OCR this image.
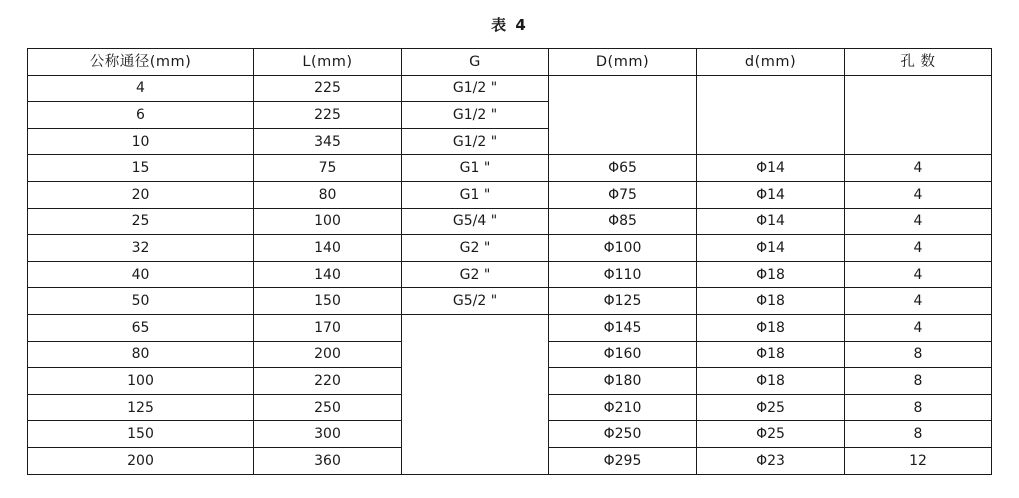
表 4
公称通径(mm)	L(mm)	G	D(mm)	d(mm)	孔 数
4	225	G1/2 "			
6	225	G1/2 "			
10	345	G1/2 "			
15	75	G1 "	Φ65	Φ14	4
20	80	G1 "	Φ75	Φ14	4
25	100	G5/4 "	Φ85	Φ14	4
32	140	G2 "	Φ100	Φ14	4
40	140	G2 "	Φ110	Φ18	4
50	150	G5/2 "	Φ125	Φ18	4
65	170		Φ145	Φ18	4
80	200		Φ160	Φ18	8
100	220		Φ180	Φ18	8
125	250		Φ210	Φ25	8
150	300		Φ250	Φ25	8
200	360		Φ295	Φ23	12
